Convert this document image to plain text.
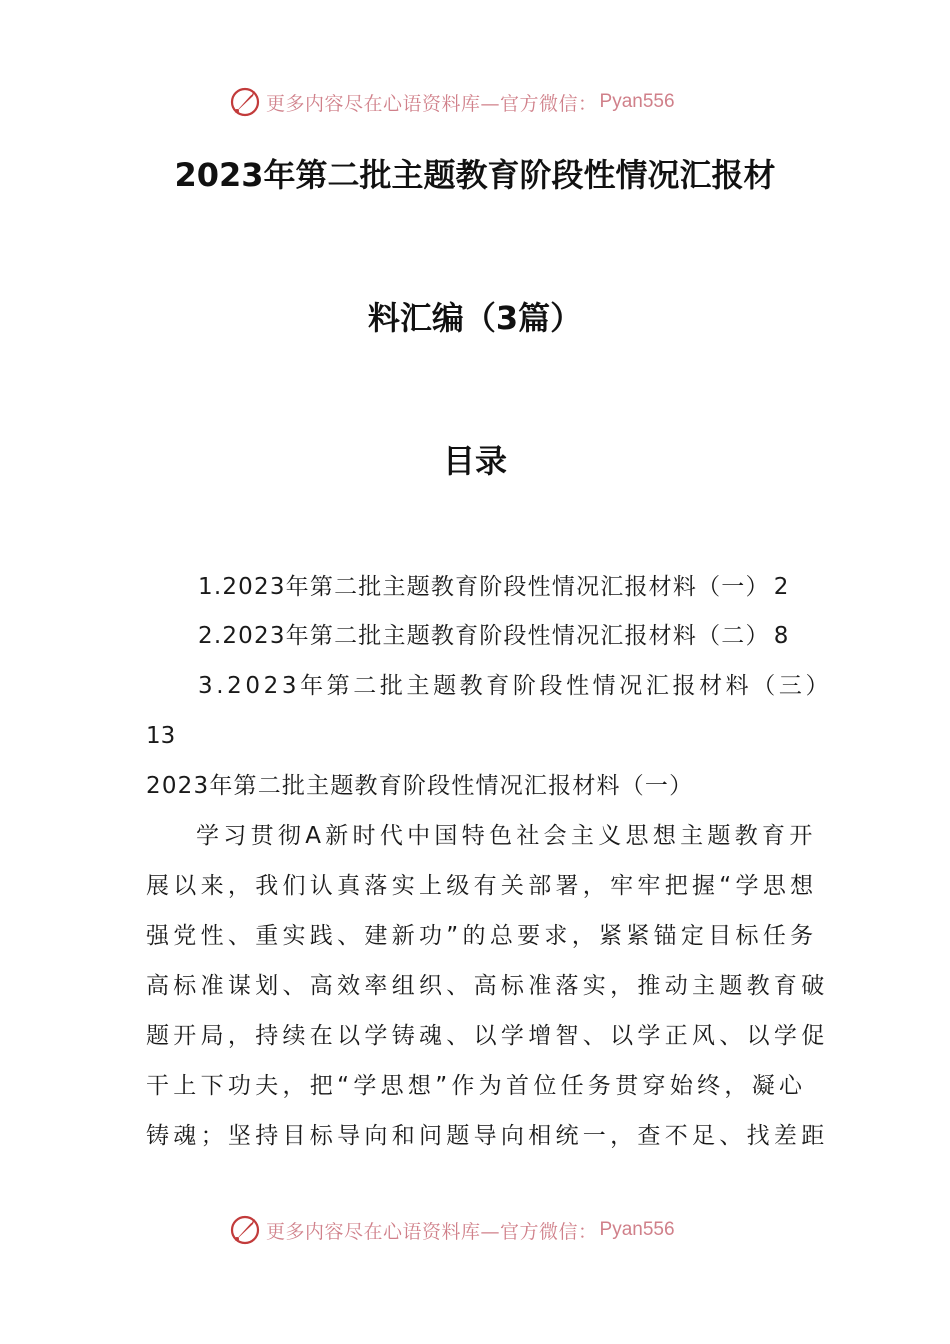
更多内容尽在心语资料库—官方微信： Pyan556
2023年第二批主题教育阶段性情况汇报材
料汇编（3篇）
目录
1.2023年第二批主题教育阶段性情况汇报材料（一） 2
2.2023年第二批主题教育阶段性情况汇报材料（二） 8
3.2023年第二批主题教育阶段性情况汇报材料（三）
13
2023年第二批主题教育阶段性情况汇报材料（一）
学习贯彻A新时代中国特色社会主义思想主题教育开
展以来，我们认真落实上级有关部署，牢牢把握“学思想
强党性、重实践、建新功”的总要求，紧紧锚定目标任务
高标准谋划、高效率组织、高标准落实，推动主题教育破
题开局，持续在以学铸魂、以学增智、以学正风、以学促
干上下功夫，把“学思想”作为首位任务贯穿始终，凝心
铸魂；坚持目标导向和问题导向相统一，查不足、找差距
更多内容尽在心语资料库—官方微信： Pyan556
